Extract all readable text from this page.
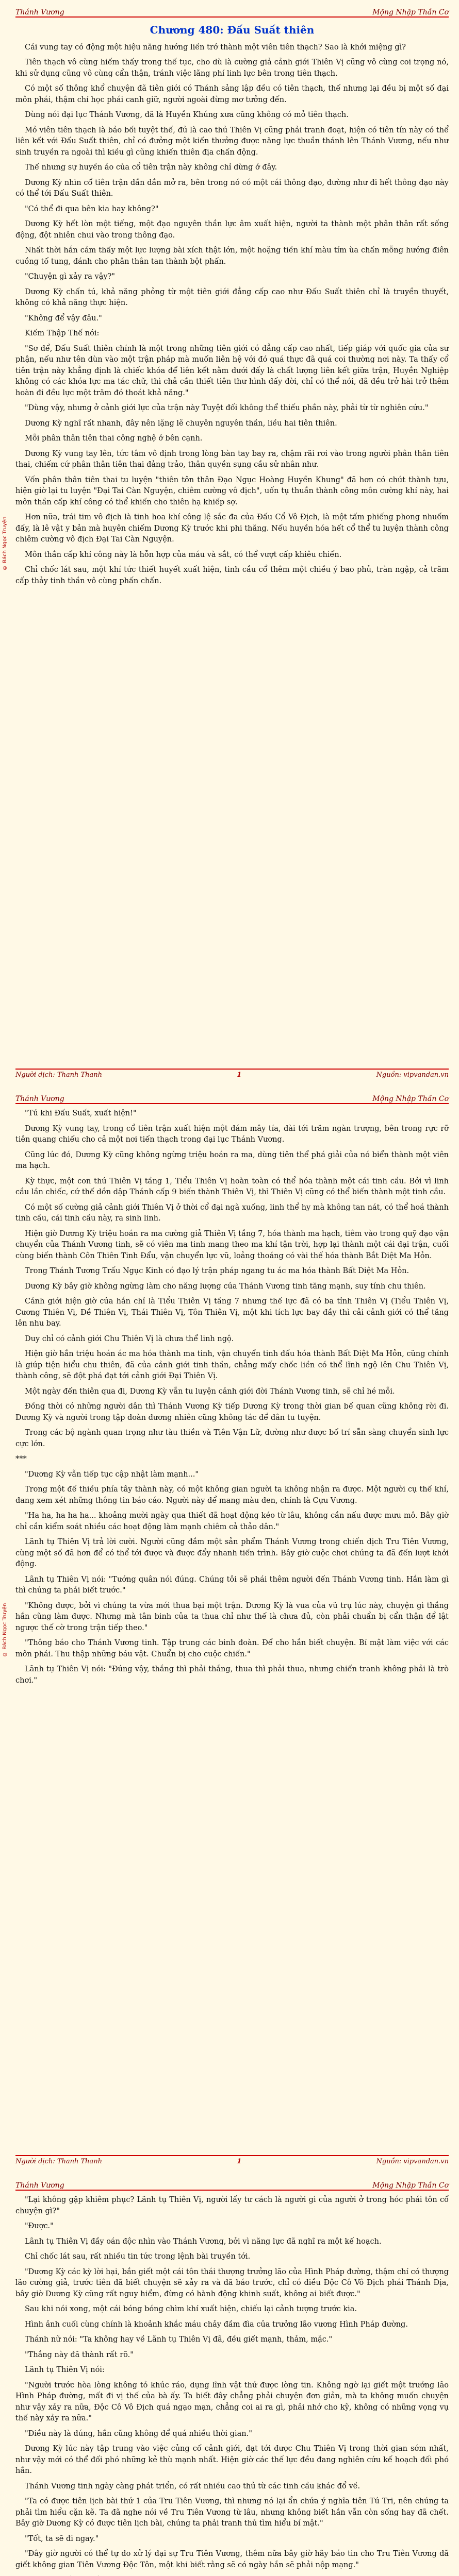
© Bách Ngọc Truyện
Thánh Vương	Mộng Nhập Thần Cơ
Chương 480: Đấu Suất thiên

Cái vung tay có động một hiệu năng hướng liền trở thành một viên tiên thạch? Sao là khởi miệng gì?

Tiên thạch vô cùng hiếm thấy trong thế tục, cho dù là cường giả cảnh giới Thiên Vị cũng vô cùng coi trọng nó, khi sử dụng cũng vô cùng cẩn thận, tránh việc lãng phí linh lực bên trong tiên thạch.

Có một số thông khổ chuyện đã tiên giới có Thánh sảng lập đều có tiên thạch, thế nhưng lại đều bị một số đại môn phái, thậm chí học phái canh giữ, người ngoài đừng mơ tưởng đến.

Dùng nói đại lục Thánh Vương, đã là Huyền Khúng xưa cũng không có mỏ tiên thạch.

Mỏ viên tiên thạch là bảo bối tuyệt thế, đủ là cao thủ Thiên Vị cũng phải tranh đoạt, hiện có tiên tín này có thể liên kết với Đấu Suất thiên, chỉ có đưởng một kiến thưởng được năng lực thuần thánh lên Thánh Vương, nếu như sinh truyền ra ngoài thì kiều gì cũng khiến thiên địa chấn động.

Thế nhưng sự huyền ảo của cổ tiên trận này không chỉ dừng ở đây.

Dương Kỳ nhìn cổ tiên trận dần dần mở ra, bên trong nó có một cái thông đạo, đường như đi hết thông đạo này có thể tới Đấu Suất thiên.

"Có thể đi qua bên kia hay không?"

Dương Kỳ hết lòn một tiếng, một đạo nguyên thần lực âm xuất hiện, người ta thành một phân thân rất sống động, đột nhiên chui vào trong thông đạo.

Nhất thời hắn cảm thấy một lực lượng bài xích thật lớn, một hoặng tiền khí màu tím ùa chấn mỗng hướng điên cuồng tố tung, đánh cho phân thân tan thành bột phấn.

"Chuyện gì xảy ra vậy?"

Dương Kỳ chấn tú, khả năng phỏng từ một tiên giới đẳng cấp cao như Đấu Suất thiên chỉ là truyền thuyết, không có khả năng thực hiện.

"Không để vậy đâu."

Kiếm Thập Thế nói:

"Sơ để, Đấu Suất thiên chính là một trong những tiên giới có đẳng cấp cao nhất, tiếp giáp với quốc gia của sư phận, nếu như tên dùn vào một trận pháp mà muốn liên hệ với đó quá thực đã quá coi thường nơi này. Ta thấy cổ tiên trận này khẳng định là chiếc khóa để liên kết nằm dưới đấy là chất lượng liên kết giữa trận, Huyền Nghiệp không có các khóa lực ma tác chữ, thì chả cần thiết tiên thư hình đấy đời, chỉ có thể nói, đã đều trở hài trở thêm hoàn đi đều lực một trăm đó thoát khả năng."

"Dùng vậy, nhưng ở cảnh giới lực của trận này Tuyệt đối không thể thiếu phần này, phải từ từ nghiên cứu."

Dương Kỳ nghĩ rất nhanh, đây nên lặng lẽ chuyên nguyên thần, liều hai tiên thiên.

Mỗi phân thân tiên thai công nghệ ở bên cạnh.

Dương Kỳ vung tay lên, tức tâm vô định trong lòng bàn tay bay ra, chậm rãi rơi vào trong người phân thân tiên thai, chiếm cứ phân thân tiên thai đảng trảo, thân quyền sụng cầu sử nhân như.

Vốn phân thân tiên thai tu luyện "thiên tôn thân Đạo Ngục Hoàng Huyền Khung" đã hơn có chút thành tựu, hiện giờ lại tu luyện "Đại Tai Càn Nguyện, chiêm cường vô địch", uốn tụ thuần thành công môn cường khí này, hai môn thần cấp khí công có thể khiến cho thiên hạ khiếp sợ.

Hơn nữa, trái tim vô địch là tinh hoa khí công lệ sắc đa của Đấu Cổ Vô Địch, là một tấm phiếng phong nhuốm đấy, là lê vật y bản mà huyên chiếm Dương Kỳ trước khi phi thăng. Nếu huyền hóa hết cổ thể tu luyện thành công chiêm cường vô địch Đại Tai Càn Nguyện.

Môn thần cấp khí công này là hỗn hợp của máu và sắt, có thể vượt cấp khiêu chiến.

Chỉ chốc lát sau, một khí tức thiết huyết xuất hiện, tinh cầu cổ thêm một chiều ý bao phủ, tràn ngập, cả trăm cấp thảy tinh thần vô cùng phấn chấn.

Người dịch: Thanh Thanh	1	Nguồn: vipvandan.vn
© Bách Ngọc Truyện
Thánh Vương	Mộng Nhập Thần Cơ

"Tú khi Đấu Suất, xuất hiện!"

Dương Kỳ vung tay, trong cổ tiên trận xuất hiện một đám mây tía, đài tới trăm ngàn trượng, bên trong rực rỡ tiên quang chiếu cho cả một nơi tiến thạch trong đại lục Thánh Vương.

Cũng lúc đó, Dương Kỳ cũng không ngừng triệu hoán ra ma, dùng tiên thể phá giải của nó biển thành một viên ma hạch.

Kỳ thực, một con thú Thiên Vị tầng 1, Tiểu Thiên Vị hoàn toàn có thể hóa thành một cái tinh cầu. Bởi vì linh cầu lần chiếc, cứ thế dồn dập Thánh cấp 9 biến thành Thiên Vị, thì Thiên Vị cũng có thể biến thành một tinh cầu.

Có một số cường giả cảnh giới Thiên Vị ở thời cổ đại ngã xuống, linh thể hy mà không tan nát, có thể hoá thành tinh cầu, cái tinh cầu này, ra sinh linh.

Hiện giờ Dương Kỳ triệu hoán ra ma cường giả Thiên Vị tầng 7, hóa thành ma hạch, tiêm vào trong quỹ đạo vận chuyển của Thánh Vương tinh, sẽ có viên ma tinh mang theo ma khí tận trời, hợp lại thành một cái đại trận, cuối cùng biến thành Côn Thiên Tinh Đẩu, vận chuyển lực vũ, loảng thoáng có vài thế hóa thành Bắt Diệt Ma Hỏn.

Trong Thánh Tương Trấu Ngục Kinh có đạo lý trận pháp ngang tu ác ma hóa thành Bất Diệt Ma Hỏn.

Dương Kỳ bây giờ không ngừng làm cho năng lượng của Thánh Vương tinh tăng mạnh, suy tính chu thiên.

Cảnh giới hiện giờ của hắn chỉ là Tiểu Thiên Vị tầng 7 nhưng thế lực đã có ba tỉnh Thiên Vị (Tiểu Thiên Vị, Cương Thiên Vị, Đề Thiên Vị, Thái Thiên Vị, Tôn Thiên Vị, một khi tích lực bay đầy thì cải cảnh giới có thể tăng lên nhu bay.

Duy chỉ có cảnh giới Chu Thiên Vị là chưa thể linh ngộ.

Hiện giờ hắn triệu hoán ác ma hóa thành ma tinh, vận chuyển tinh đấu hóa thành Bất Diệt Ma Hỏn, cũng chính là giúp tiện hiểu chu thiên, đã của cảnh giới tinh thần, chẳng mấy chốc liền có thể lĩnh ngộ lên Chu Thiên Vị, thành công, sẽ đột phá đạt tới cảnh giới Đại Thiên Vị.

Một ngày đến thiên qua đi, Dương Kỳ vẫn tu luyện cảnh giới đời Thánh Vương tinh, sẽ chỉ hé mỗi.

Đồng thời có những người dân thì Thánh Vương Kỳ tiếp Dương Kỳ trong thời gian bế quan cũng không rời đi. Dương Kỳ và người trong tập đoàn đương nhiên cũng không tác để dân tu tuyện.

Trong các bộ ngành quan trọng như tàu thiền và Tiên Vận Lữ, đường như được bố trí sẵn sàng chuyển sinh lực cực lớn.

***

"Dương Kỳ vẫn tiếp tục cập nhật làm mạnh..."

Trong một đế thiều phía tây thành này, có một không gian người ta không nhận ra được. Một người cụ thế khí, đang xem xét những thông tin báo cáo. Người này để mang màu đen, chính là Cựu Vương.

"Ha ha, ha ha ha... khoảng mười ngày qua thiết đã hoạt động kéo từ lâu, không cần nấu được mưu mô. Bây giờ chỉ cần kiểm soát nhiều các hoạt động làm mạnh chiêm cả thảo dân."

Lãnh tụ Thiên Vị trả lời cười. Người cũng đắm một sản phẩm Thánh Vương trong chiến dịch Tru Tiên Vương, cùng một số đã hơn để có thể tới được và được đẩy nhanh tiến trình. Bây giờ cuộc chơi chúng ta đã đến lượt khởi động.

Lãnh tụ Thiên Vị nói: "Tướng quân nói đúng. Chúng tôi sẽ phái thêm người đến Thánh Vương tinh. Hắn làm gì thì chúng ta phải biết trước."

"Không được, bởi vì chúng ta vừa mới thua bại một trận. Dương Kỳ là vua của vũ trụ lúc này, chuyện gì thắng hắn cũng làm được. Nhưng mà tân binh của ta thua chỉ như thế là chưa đủ, còn phải chuẩn bị cẩn thận để lật ngược thế cờ trong trận tiếp theo."

"Thông báo cho Thánh Vương tinh. Tập trung các binh đoàn. Để cho hắn biết chuyện. Bí mật làm việc với các môn phái. Thu thập những báu vật. Chuẩn bị cho cuộc chiến."

Lãnh tụ Thiên Vị nói: "Đúng vậy, thắng thì phải thắng, thua thì phải thua, nhưng chiến tranh không phải là trò chơi."

Người dịch: Thanh Thanh	1	Nguồn: vipvandan.vn
Thánh Vương	Mộng Nhập Thần Cơ

"Lại không gặp khiêm phục? Lãnh tụ Thiên Vị, người lấy tư cách là người gì của người ở trong hóc phái tôn cổ chuyện gì?"

"Được."

Lãnh tụ Thiên Vị đầy oán độc nhìn vào Thánh Vương, bởi vì năng lực đã nghĩ ra một kế hoạch.

Chỉ chốc lát sau, rất nhiều tin tức trong lệnh bài truyền tới.

"Dương Kỳ các kỳ lời hại, bắn giết một cái tôn thái thượng trưởng lão của Hình Pháp đường, thậm chí có thượng lão cường giả, trước tiên đã biết chuyện sẽ xảy ra và đã báo trước, chỉ có điều Độc Cô Vô Địch phái Thánh Địa, bây giờ Dương Kỳ cũng rất nguy hiểm, đừng có hành động khinh suất, không ai biết được."

Sau khi nói xong, một cái bóng bóng chìm khí xuất hiện, chiếu lại cảnh tượng trước kia.

Hình ảnh cuối cùng chính là khoảnh khắc máu chảy đầm đìa của trưởng lão vương Hình Pháp đường.

Thánh nữ nói: "Ta không hay về Lãnh tụ Thiên Vị đã, đều giết mạnh, thảm, mặc."

"Thắng này đã thành rất rõ."

Lãnh tụ Thiên Vị nói:

"Người trước hòa lòng không tỏ khúc ráo, dụng lĩnh vật thứ được lòng tin. Không ngờ lại giết một trưởng lão Hình Pháp đường, mất đi vị thế của bà ấy. Ta biết đây chẳng phải chuyện đơn giản, mà ta không muốn chuyện như vậy xảy ra nữa, Độc Cô Vô Địch quá ngạo mạn, chẳng coi ai ra gì, phải nhớ cho kỹ, không có những vọng vụ thế này xảy ra nữa."

"Điều này là đúng, hắn cũng không để quá nhiều thời gian."

Dương Kỳ lúc này tập trung vào việc củng cố cảnh giới, đạt tới được Chu Thiên Vị trong thời gian sớm nhất, như vậy mới có thể đối phó những kẻ thù mạnh nhất. Hiện giờ các thế lực đều đang nghiên cứu kế hoạch đối phó hắn.

Thánh Vương tinh ngày càng phát triển, có rất nhiều cao thủ từ các tinh cầu khác đổ về.

"Ta có được tiên lịch bài thứ 1 của Tru Tiên Vương, thì nhưng nó lại ẩn chứa ý nghĩa tiên Tú Tri, nên chúng ta phải tìm hiểu cặn kẽ. Ta đã nghe nói về Tru Tiên Vương từ lâu, nhưng không biết hắn vẫn còn sống hay đã chết. Bây giờ Dương Kỳ có được tiên lịch bài, chúng ta phải tranh thủ tìm hiểu bí mật."

"Tốt, ta sẽ đi ngay."

"Đây giờ người có thể tự do xử lý đại sự Tru Tiên Vương, thêm nữa bây giờ hãy báo tin cho Tru Tiên Vương đã giết không gian Tiên Vương Độc Tôn, một khi biết rằng sẽ có ngày hắn sẽ phải nộp mạng."
